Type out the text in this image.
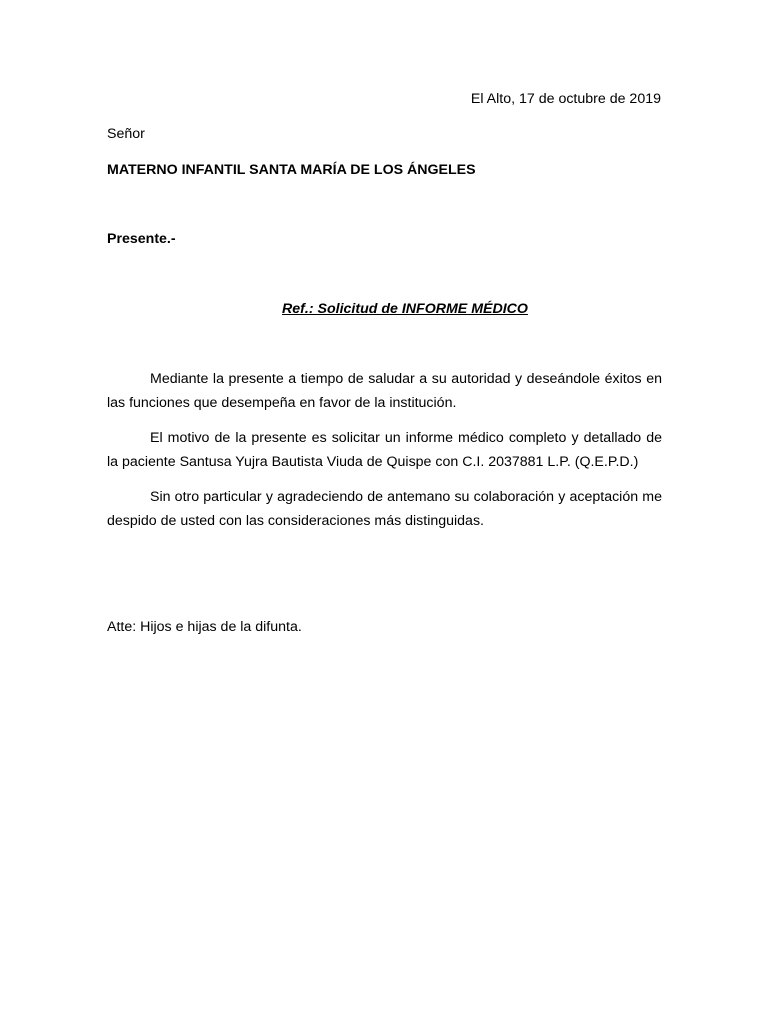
El Alto, 17 de octubre de 2019
Señor
MATERNO INFANTIL SANTA MARÍA DE LOS ÁNGELES
Presente.-
Ref.: Solicitud de INFORME MÉDICO

Mediante la presente a tiempo de saludar a su autoridad y deseándole éxitos en las funciones que desempeña en favor de la institución.

El motivo de la presente es solicitar un informe médico completo y detallado de la paciente Santusa Yujra Bautista Viuda de Quispe con C.I. 2037881 L.P. (Q.E.P.D.)

Sin otro particular y agradeciendo de antemano su colaboración y aceptación me despido de usted con las consideraciones más distinguidas.

Atte: Hijos e hijas de la difunta.
